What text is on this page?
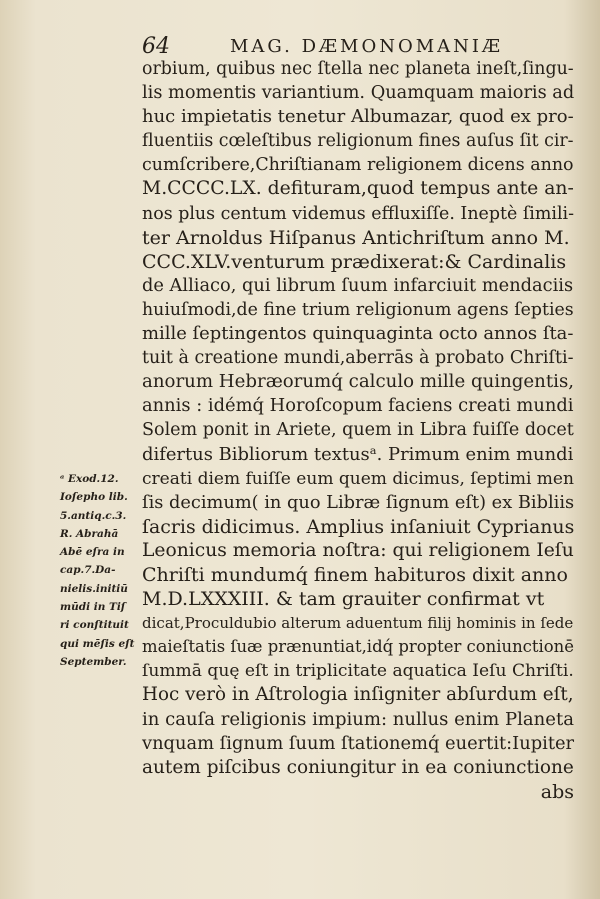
64	MAG. DÆMONOMANIÆ
orbium, quibus nec ſtella nec planeta ineſt,ſingu-
lis momentis variantium. Quamquam maioris ad
huc impietatis tenetur Albumazar, quod ex pro-
fluentiis cœleſtibus religionum fines auſus ſit cir-
cumſcribere,Chriſtianam religionem dicens anno
M.CCCC.LX. defituram,quod tempus ante an-
nos plus centum videmus effluxiſſe. Ineptè ſimili-
ter Arnoldus Hiſpanus Antichriſtum anno M.
CCC.XLV.venturum prædixerat:& Cardinalis
de Alliaco, qui librum ſuum infarciuit mendaciis
huiuſmodi,de fine trium religionum agens ſepties
mille ſeptingentos quinquaginta octo annos ſta-
tuit à creatione mundi,aberrās à probato Chriſti-
anorum Hebræorumq́ calculo mille quingentis,
annis : idémq́ Horoſcopum faciens creati mundi
Solem ponit in Ariete, quem in Libra fuiſſe docet
difertus Bibliorum textusᵃ. Primum enim mundi
creati diem fuiſſe eum quem dicimus, ſeptimi men
ſis decimum( in quo Libræ ſignum eſt) ex Bibliis
ſacris didicimus. Amplius inſaniuit Cyprianus
Leonicus memoria noſtra: qui religionem Ieſu
Chriſti mundumq́ finem habituros dixit anno
M.D.LXXXIII. & tam grauiter confirmat vt
dicat,Proculdubio alterum aduentum filij hominis in ſede
maieſtatis ſuæ prænuntiat,idq́ propter coniunctionē
ſummā quę eſt in triplicitate aquatica Ieſu Chriſti.
Hoc verò in Aſtrologia inſigniter abſurdum eſt,
in cauſa religionis impium: nullus enim Planeta
vnquam ſignum ſuum ſtationemq́ euertit:Iupiter
autem piſcibus coniungitur in ea coniunctione
abs
ᵃ Exod.12.
Ioſepho lib.
5.antiq.c.3.
R. Abrahā
Abē eſra in
cap.7.Da-
nielis.initiū
mūdi in Tiſ
ri conſtituit
qui mēſis eſt
September.
